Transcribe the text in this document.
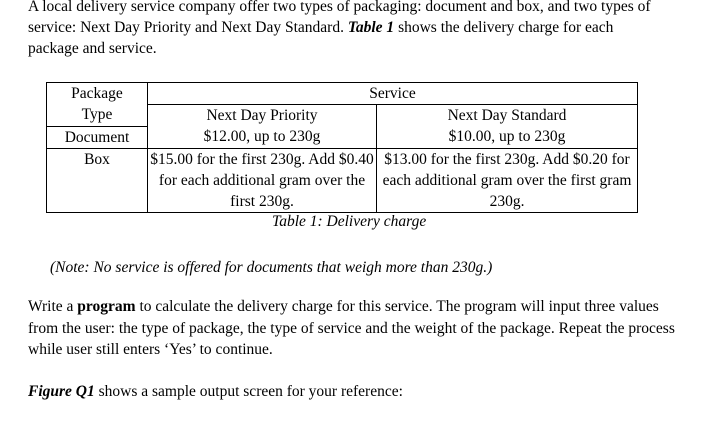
A local delivery service company offer two types of packaging: document and box, and two types of service: Next Day Priority and Next Day Standard. Table 1 shows the delivery charge for each package and service.
Package
Type	Service	
	Next Day Priority	Next Day Standard
Document	$12.00, up to 230g	$10.00, up to 230g
Box	$15.00 for the first 230g. Add $0.40 for each additional gram over the first 230g.	$13.00 for the first 230g. Add $0.20 for each additional gram over the first gram 230g.
Table 1: Delivery charge
(Note: No service is offered for documents that weigh more than 230g.)
Write a program to calculate the delivery charge for this service. The program will input three values from the user: the type of package, the type of service and the weight of the package. Repeat the process while user still enters ‘Yes’ to continue.
Figure Q1 shows a sample output screen for your reference:
